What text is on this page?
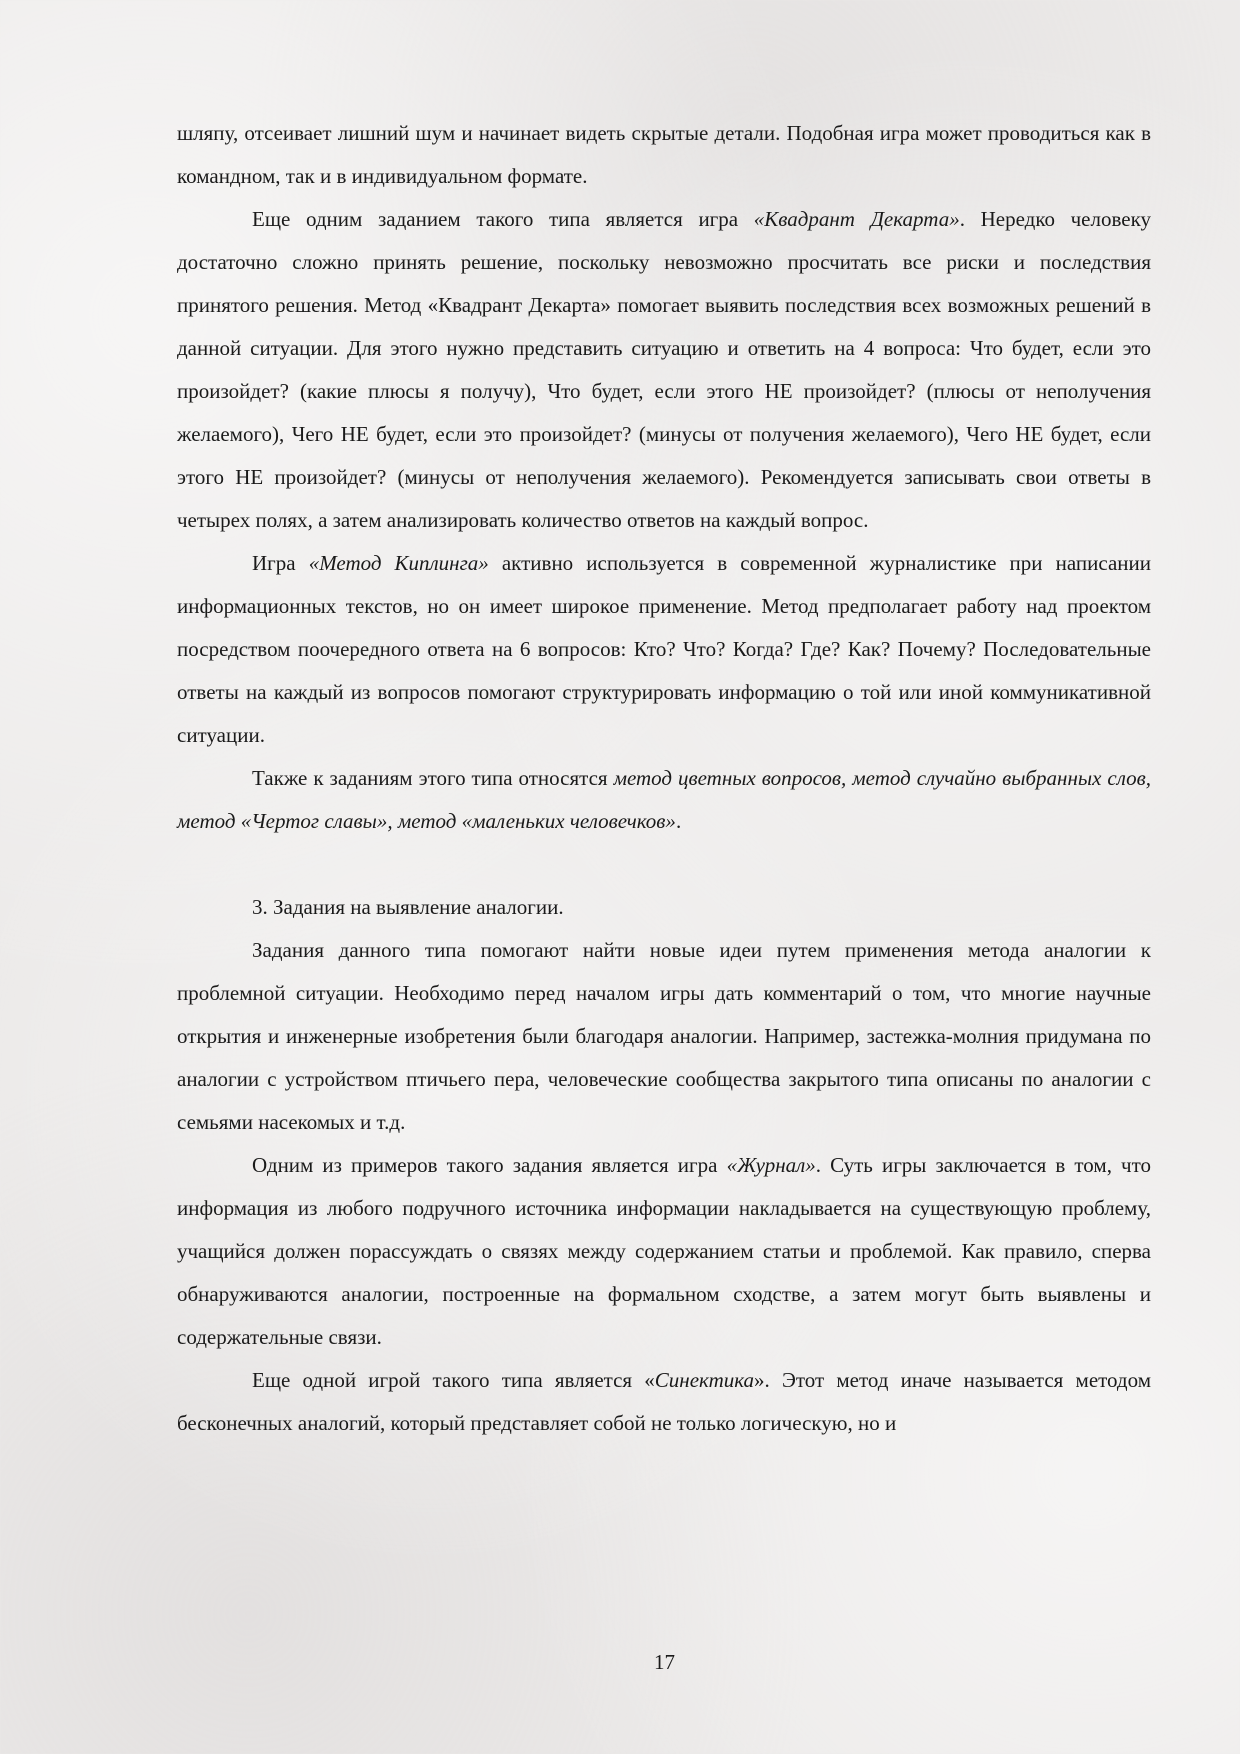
шляпу, отсеивает лишний шум и начинает видеть скрытые детали. Подобная игра может проводиться как в командном, так и в индивидуальном формате.

Еще одним заданием такого типа является игра «Квадрант Декарта». Нередко человеку достаточно сложно принять решение, поскольку невозможно просчитать все риски и последствия принятого решения. Метод «Квадрант Декарта» помогает выявить последствия всех возможных решений в данной ситуации. Для этого нужно представить ситуацию и ответить на 4 вопроса: Что будет, если это произойдет? (какие плюсы я получу), Что будет, если этого НЕ произойдет? (плюсы от неполучения желаемого), Чего НЕ будет, если это произойдет? (минусы от получения желаемого), Чего НЕ будет, если этого НЕ произойдет? (минусы от неполучения желаемого). Рекомендуется записывать свои ответы в четырех полях, а затем анализировать количество ответов на каждый вопрос.

Игра «Метод Киплинга» активно используется в современной журналистике при написании информационных текстов, но он имеет широкое применение. Метод предполагает работу над проектом посредством поочередного ответа на 6 вопросов: Кто? Что? Когда? Где? Как? Почему? Последовательные ответы на каждый из вопросов помогают структурировать информацию о той или иной коммуникативной ситуации.

Также к заданиям этого типа относятся метод цветных вопросов, метод случайно выбранных слов, метод «Чертог славы», метод «маленьких человечков».

3. Задания на выявление аналогии.

Задания данного типа помогают найти новые идеи путем применения метода аналогии к проблемной ситуации. Необходимо перед началом игры дать комментарий о том, что многие научные открытия и инженерные изобретения были благодаря аналогии. Например, застежка-молния придумана по аналогии с устройством птичьего пера, человеческие сообщества закрытого типа описаны по аналогии с семьями насекомых и т.д.

Одним из примеров такого задания является игра «Журнал». Суть игры заключается в том, что информация из любого подручного источника информации накладывается на существующую проблему, учащийся должен порассуждать о связях между содержанием статьи и проблемой. Как правило, сперва обнаруживаются аналогии, построенные на формальном сходстве, а затем могут быть выявлены и содержательные связи.

Еще одной игрой такого типа является «Синектика». Этот метод иначе называется методом бесконечных аналогий, который представляет собой не только логическую, но и

17
